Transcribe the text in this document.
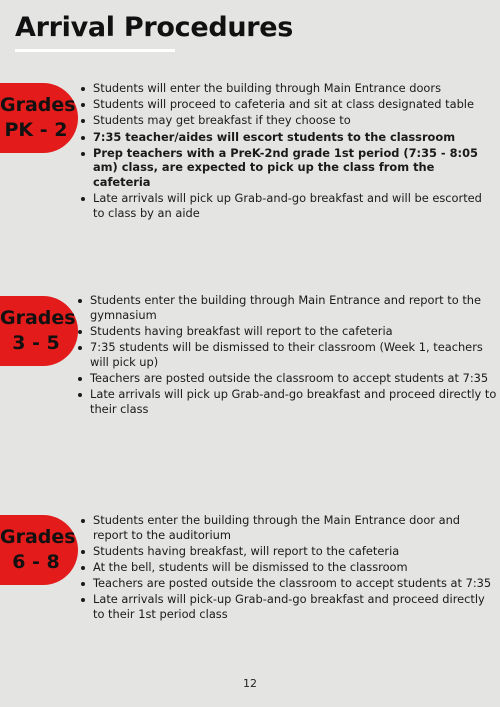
Arrival Procedures
Grades
PK - 2
Students will enter the building through Main Entrance doors
Students will proceed to cafeteria and sit at class designated table
Students may get breakfast if they choose to
7:35 teacher/aides will escort students to the classroom
Prep teachers with a PreK-2nd grade 1st period (7:35 - 8:05 am) class, are expected to pick up the class from the cafeteria
Late arrivals will pick up Grab-and-go breakfast and will be escorted to class by an aide
Grades
3 - 5
Students enter the building through Main Entrance and report to the gymnasium
Students having breakfast will report to the cafeteria
7:35 students will be dismissed to their classroom (Week 1, teachers will pick up)
Teachers are posted outside the classroom to accept students at 7:35
Late arrivals will pick up Grab-and-go breakfast and proceed directly to their class
Grades
6 - 8
Students enter the building through the Main Entrance door and report to the auditorium
Students having breakfast, will report to the cafeteria
At the bell, students will be dismissed to the classroom
Teachers are posted outside the classroom to accept students at 7:35
Late arrivals will pick-up Grab-and-go breakfast and proceed directly to their 1st period class
12
